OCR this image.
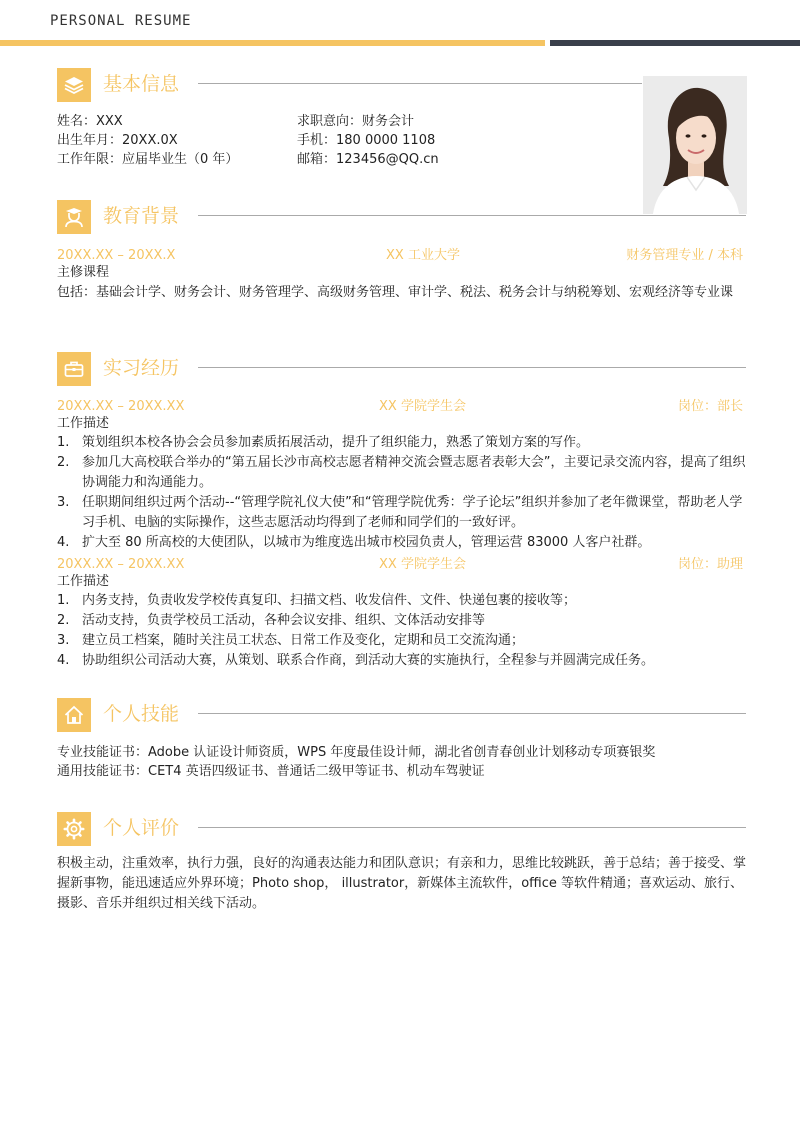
PERSONAL RESUME
基本信息
姓名：XXX	求职意向：财务会计
出生年月：20XX.0X	手机：180 0000 1108
工作年限：应届毕业生（0 年）	邮箱：123456@QQ.cn
教育背景
20XX.XX – 20XX.X	XX 工业大学	财务管理专业 / 本科
主修课程
包括：基础会计学、财务会计、财务管理学、高级财务管理、审计学、税法、税务会计与纳税筹划、宏观经济等专业课
实习经历
20XX.XX – 20XX.XX	XX 学院学生会	岗位：部长
工作描述
1. 策划组织本校各协会会员参加素质拓展活动，提升了组织能力，熟悉了策划方案的写作。
2. 参加几大高校联合举办的“第五届长沙市高校志愿者精神交流会暨志愿者表彰大会”，主要记录交流内容，提高了组织协调能力和沟通能力。
3. 任职期间组织过两个活动--“管理学院礼仪大使”和“管理学院优秀：学子论坛”组织并参加了老年微课堂，帮助老人学习手机、电脑的实际操作，这些志愿活动均得到了老师和同学们的一致好评。
4. 扩大至 80 所高校的大使团队，以城市为维度选出城市校园负责人，管理运营 83000 人客户社群。
20XX.XX – 20XX.XX	XX 学院学生会	岗位：助理
工作描述
1. 内务支持，负责收发学校传真复印、扫描文档、收发信件、文件、快递包裹的接收等；
2. 活动支持，负责学校员工活动，各种会议安排、组织、文体活动安排等
3. 建立员工档案，随时关注员工状态、日常工作及变化，定期和员工交流沟通；
4. 协助组织公司活动大赛，从策划、联系合作商，到活动大赛的实施执行，全程参与并圆满完成任务。
个人技能
专业技能证书：Adobe 认证设计师资质，WPS 年度最佳设计师，湖北省创青春创业计划移动专项赛银奖
通用技能证书：CET4 英语四级证书、普通话二级甲等证书、机动车驾驶证
个人评价
积极主动，注重效率，执行力强，良好的沟通表达能力和团队意识；有亲和力，思维比较跳跃，善于总结；善于接受、掌握新事物，能迅速适应外界环境；Photo shop， illustrator，新媒体主流软件，office 等软件精通；喜欢运动、旅行、摄影、音乐并组织过相关线下活动。
